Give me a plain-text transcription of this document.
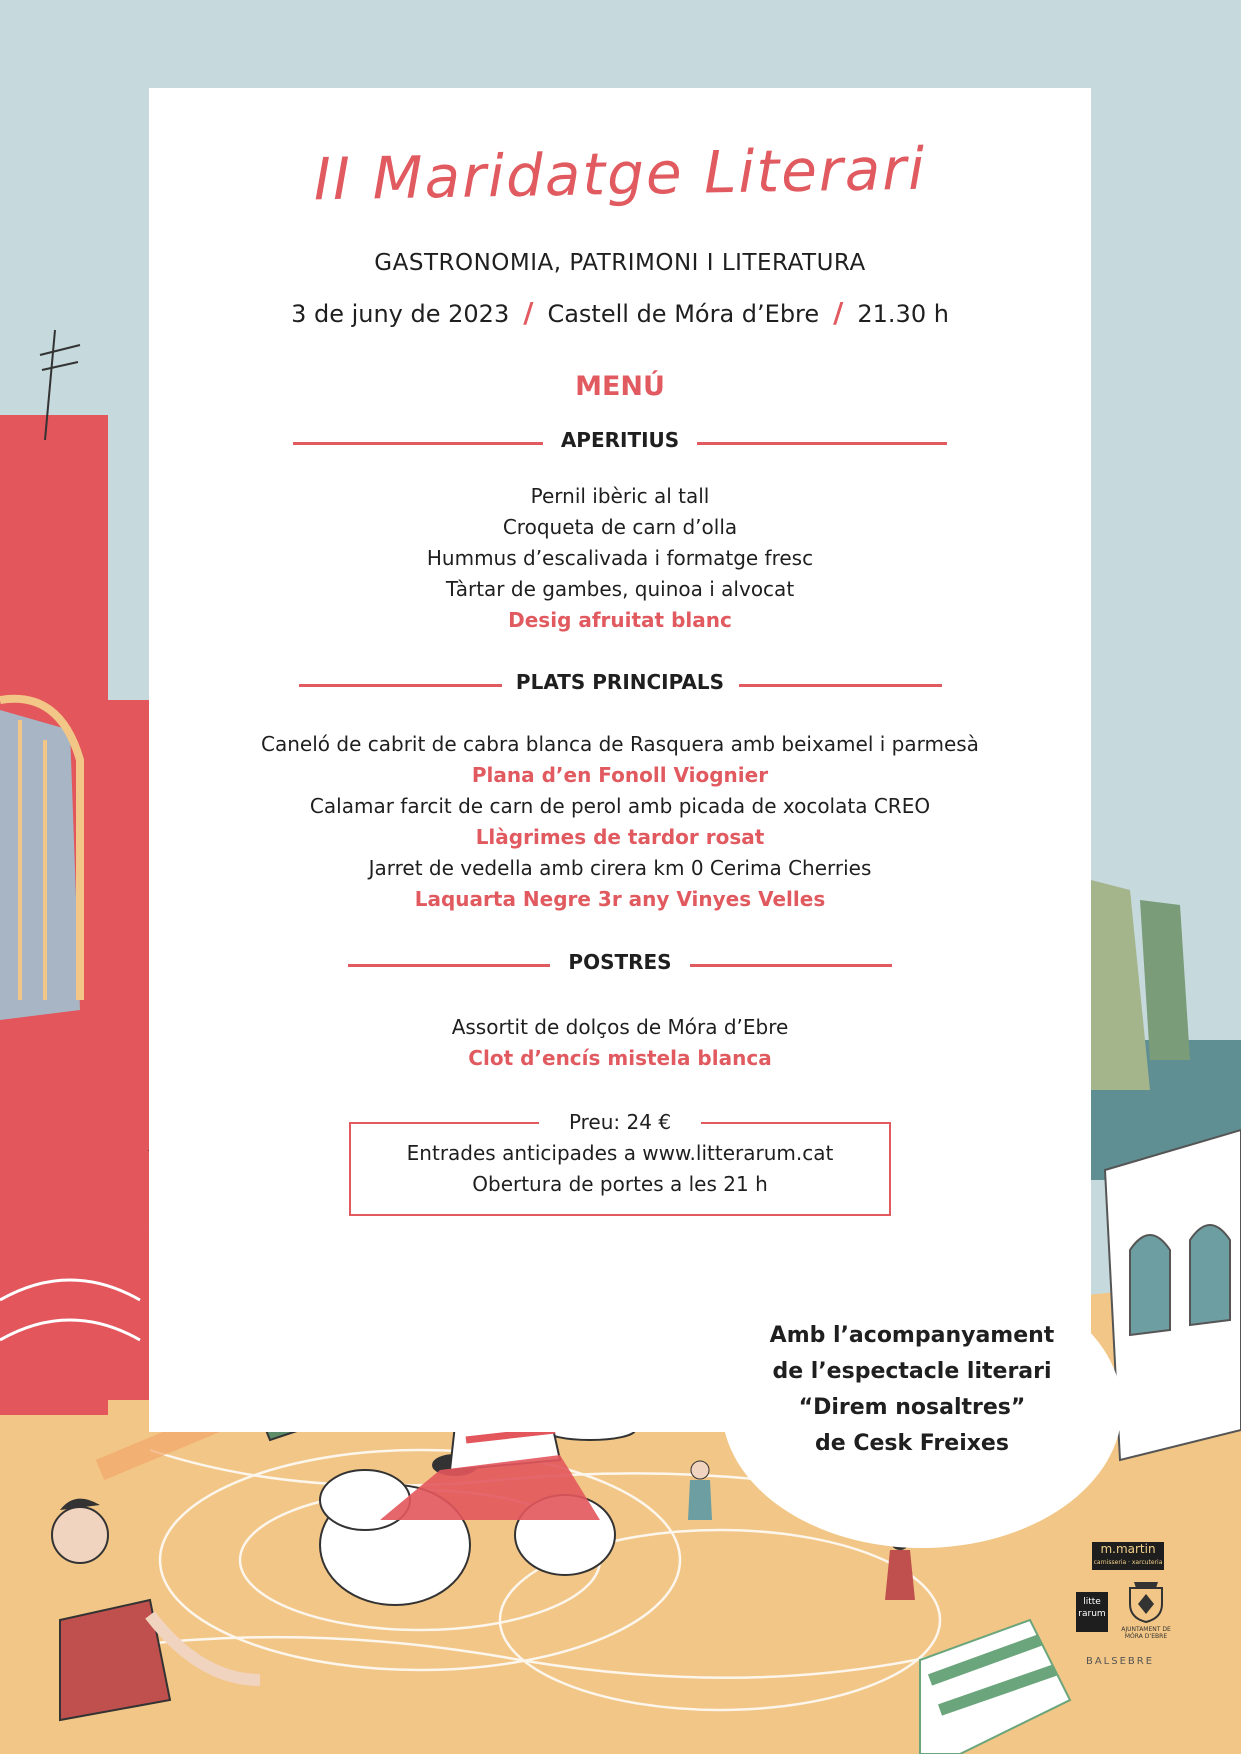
II Maridatge Literari
GASTRONOMIA, PATRIMONI I LITERATURA
3 de juny de 2023 / Castell de Móra d’Ebre / 21.30 h
MENÚ
APERITIUS
Pernil ibèric al tall
Croqueta de carn d’olla
Hummus d’escalivada i formatge fresc
Tàrtar de gambes, quinoa i alvocat
Desig afruitat blanc
PLATS PRINCIPALS
Caneló de cabrit de cabra blanca de Rasquera amb beixamel i parmesà
Plana d’en Fonoll Viognier
Calamar farcit de carn de perol amb picada de xocolata CREO
Llàgrimes de tardor rosat
Jarret de vedella amb cirera km 0 Cerima Cherries
Laquarta Negre 3r any Vinyes Velles
POSTRES
Assortit de dolços de Móra d’Ebre
Clot d’encís mistela blanca
Preu: 24 €
Entrades anticipades a www.litterarum.cat
Obertura de portes a les 21 h
Amb l’acompanyament
de l’espectacle literari
“Direm nosaltres”
de Cesk Freixes
m.martin
carnisseria · xarcuteria
litte rarum
AJUNTAMENT DE MÓRA D’EBRE
BALSEBRE
